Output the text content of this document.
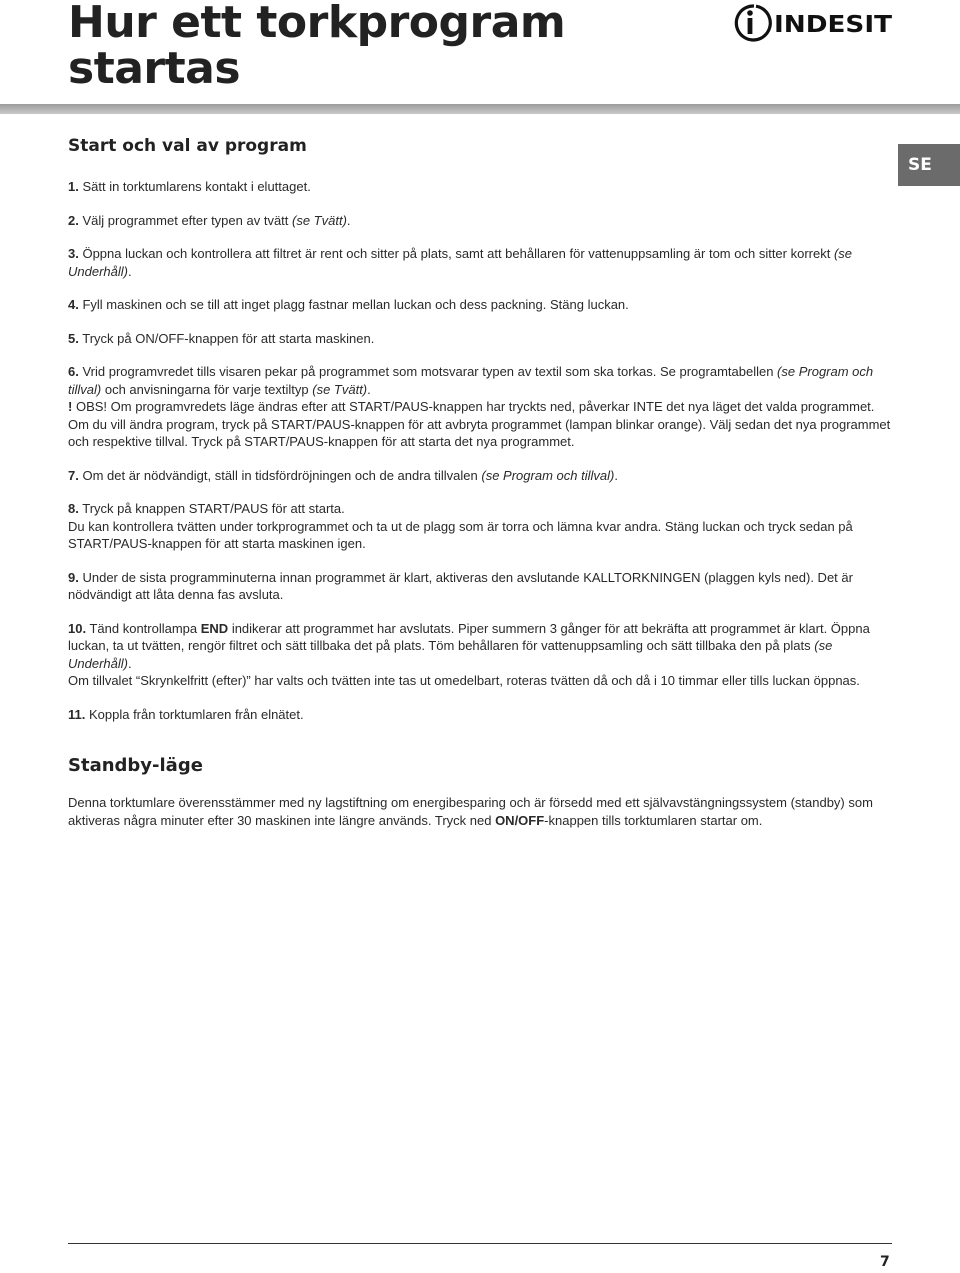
Hur ett torkprogram startas
INDESIT
SE
Start och val av program

1. Sätt in torktumlarens kontakt i eluttaget.

2. Välj programmet efter typen av tvätt (se Tvätt).

3. Öppna luckan och kontrollera att filtret är rent och sitter på plats, samt att behållaren för vattenuppsamling är tom och sitter korrekt (se Underhåll).

4. Fyll maskinen och se till att inget plagg fastnar mellan luckan och dess packning. Stäng luckan.

5. Tryck på ON/OFF-knappen för att starta maskinen.

6. Vrid programvredet tills visaren pekar på programmet som motsvarar typen av textil som ska torkas. Se programtabellen (se Program och tillval) och anvisningarna för varje textiltyp (se Tvätt).
! OBS! Om programvredets läge ändras efter att START/PAUS-knappen har tryckts ned, påverkar INTE det nya läget det valda programmet. Om du vill ändra program, tryck på START/PAUS-knappen för att avbryta programmet (lampan blinkar orange). Välj sedan det nya programmet och respektive tillval. Tryck på START/PAUS-knappen för att starta det nya programmet.

7. Om det är nödvändigt, ställ in tidsfördröjningen och de andra tillvalen (se Program och tillval).

8. Tryck på knappen START/PAUS för att starta.
Du kan kontrollera tvätten under torkprogrammet och ta ut de plagg som är torra och lämna kvar andra. Stäng luckan och tryck sedan på START/PAUS-knappen för att starta maskinen igen.

9. Under de sista programminuterna innan programmet är klart, aktiveras den avslutande KALLTORKNINGEN (plaggen kyls ned). Det är nödvändigt att låta denna fas avsluta.

10. Tänd kontrollampa END indikerar att programmet har avslutats. Piper summern 3 gånger för att bekräfta att programmet är klart. Öppna luckan, ta ut tvätten, rengör filtret och sätt tillbaka det på plats. Töm behållaren för vattenuppsamling och sätt tillbaka den på plats (se Underhåll).
Om tillvalet “Skrynkelfritt (efter)” har valts och tvätten inte tas ut omedelbart, roteras tvätten då och då i 10 timmar eller tills luckan öppnas.

11. Koppla från torktumlaren från elnätet.

Standby-läge

Denna torktumlare överensstämmer med ny lagstiftning om energibesparing och är försedd med ett självavstängningssystem (standby) som aktiveras några minuter efter 30 maskinen inte längre används. Tryck ned ON/OFF-knappen tills torktumlaren startar om.

7
